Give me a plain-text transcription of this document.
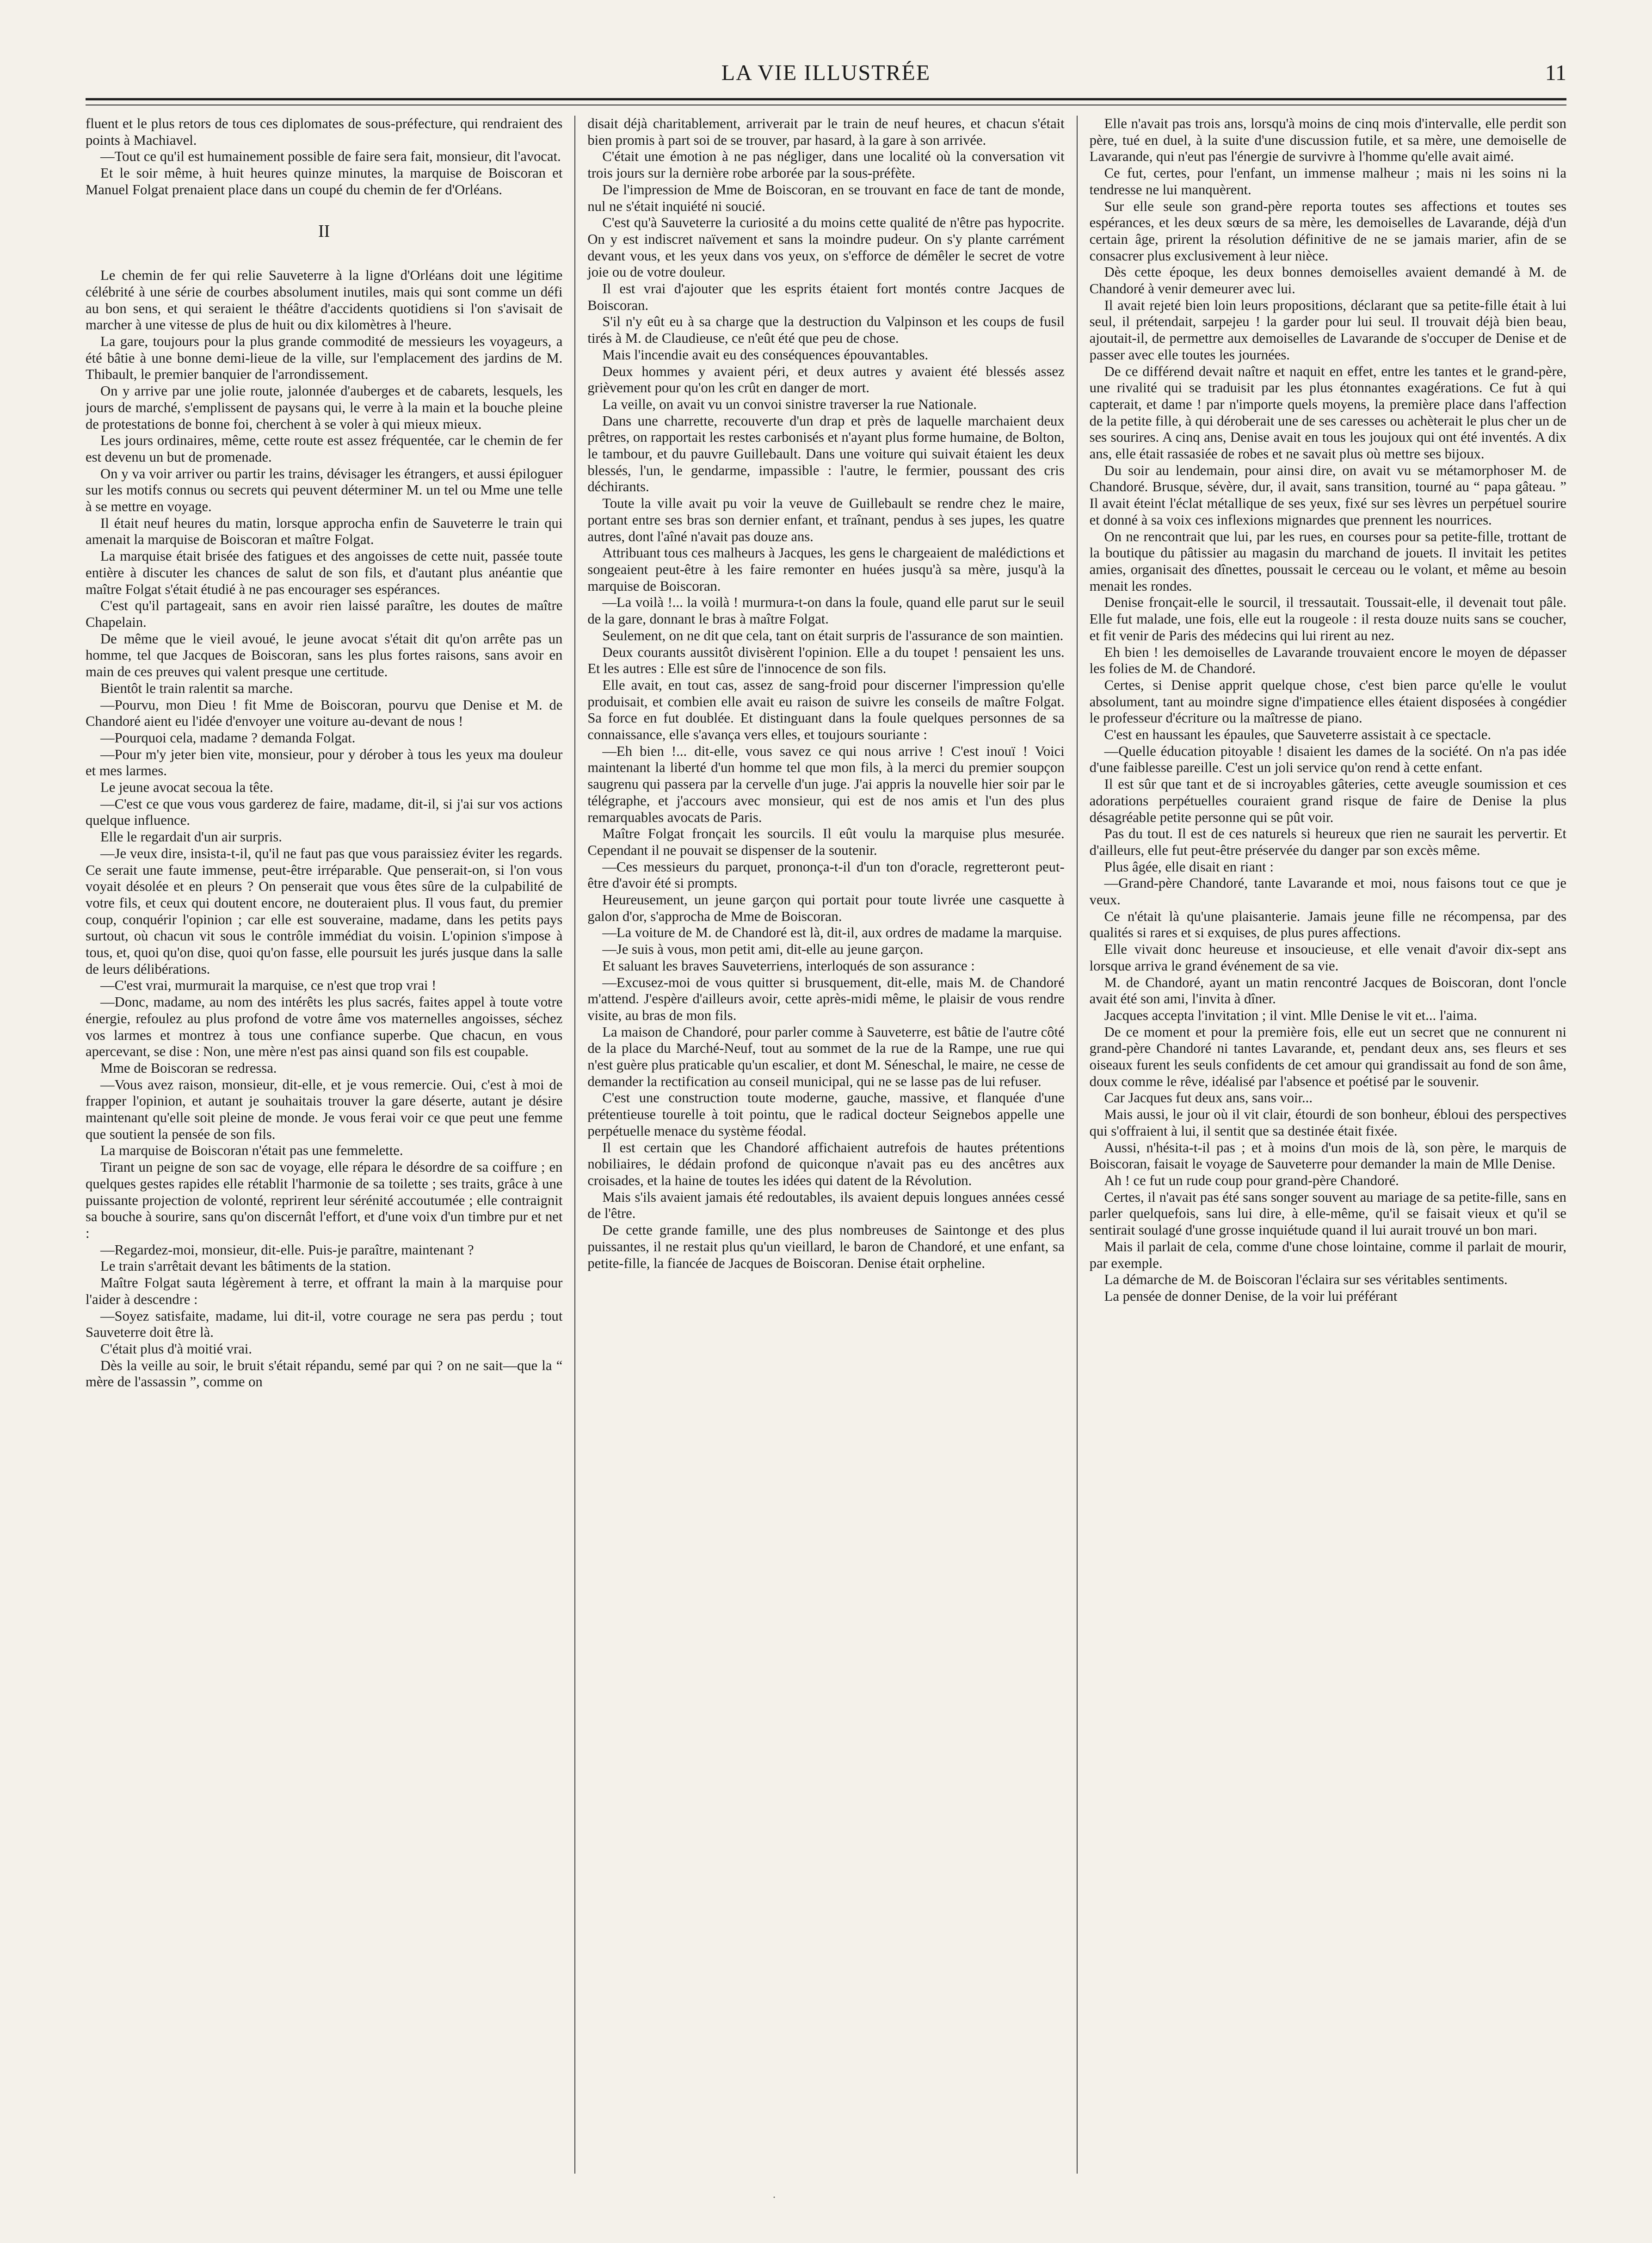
LA VIE ILLUSTRÉE	11

fluent et le plus retors de tous ces diplomates de sous-préfecture, qui rendraient des points à Machiavel.

—Tout ce qu'il est humainement possible de faire sera fait, monsieur, dit l'avocat.

Et le soir même, à huit heures quinze minutes, la marquise de Boiscoran et Manuel Folgat prenaient place dans un coupé du chemin de fer d'Orléans.

II

Le chemin de fer qui relie Sauveterre à la ligne d'Orléans doit une légitime célébrité à une série de courbes absolument inutiles, mais qui sont comme un défi au bon sens, et qui seraient le théâtre d'accidents quotidiens si l'on s'avisait de marcher à une vitesse de plus de huit ou dix kilomètres à l'heure.

La gare, toujours pour la plus grande commodité de messieurs les voyageurs, a été bâtie à une bonne demi-lieue de la ville, sur l'emplacement des jardins de M. Thibault, le premier banquier de l'arrondissement.

On y arrive par une jolie route, jalonnée d'auberges et de cabarets, lesquels, les jours de marché, s'emplissent de paysans qui, le verre à la main et la bouche pleine de protestations de bonne foi, cherchent à se voler à qui mieux mieux.

Les jours ordinaires, même, cette route est assez fréquentée, car le chemin de fer est devenu un but de promenade.

On y va voir arriver ou partir les trains, dévisager les étrangers, et aussi épiloguer sur les motifs connus ou secrets qui peuvent déterminer M. un tel ou Mme une telle à se mettre en voyage.

Il était neuf heures du matin, lorsque approcha enfin de Sauveterre le train qui amenait la marquise de Boiscoran et maître Folgat.

La marquise était brisée des fatigues et des angoisses de cette nuit, passée toute entière à discuter les chances de salut de son fils, et d'autant plus anéantie que maître Folgat s'était étudié à ne pas encourager ses espérances.

C'est qu'il partageait, sans en avoir rien laissé paraître, les doutes de maître Chapelain.

De même que le vieil avoué, le jeune avocat s'était dit qu'on arrête pas un homme, tel que Jacques de Boiscoran, sans les plus fortes raisons, sans avoir en main de ces preuves qui valent presque une certitude.

Bientôt le train ralentit sa marche.

—Pourvu, mon Dieu ! fit Mme de Boiscoran, pourvu que Denise et M. de Chandoré aient eu l'idée d'envoyer une voiture au-devant de nous !

—Pourquoi cela, madame ? demanda Folgat.

—Pour m'y jeter bien vite, monsieur, pour y dérober à tous les yeux ma douleur et mes larmes.

Le jeune avocat secoua la tête.

—C'est ce que vous vous garderez de faire, madame, dit-il, si j'ai sur vos actions quelque influence.

Elle le regardait d'un air surpris.

—Je veux dire, insista-t-il, qu'il ne faut pas que vous paraissiez éviter les regards. Ce serait une faute immense, peut-être irréparable. Que penserait-on, si l'on vous voyait désolée et en pleurs ? On penserait que vous êtes sûre de la culpabilité de votre fils, et ceux qui doutent encore, ne douteraient plus. Il vous faut, du premier coup, conquérir l'opinion ; car elle est souveraine, madame, dans les petits pays surtout, où chacun vit sous le contrôle immédiat du voisin. L'opinion s'impose à tous, et, quoi qu'on dise, quoi qu'on fasse, elle poursuit les jurés jusque dans la salle de leurs délibérations.

—C'est vrai, murmurait la marquise, ce n'est que trop vrai !

—Donc, madame, au nom des intérêts les plus sacrés, faites appel à toute votre énergie, refoulez au plus profond de votre âme vos maternelles angoisses, séchez vos larmes et montrez à tous une confiance superbe. Que chacun, en vous apercevant, se dise : Non, une mère n'est pas ainsi quand son fils est coupable.

Mme de Boiscoran se redressa.

—Vous avez raison, monsieur, dit-elle, et je vous remercie. Oui, c'est à moi de frapper l'opinion, et autant je souhaitais trouver la gare déserte, autant je désire maintenant qu'elle soit pleine de monde. Je vous ferai voir ce que peut une femme que soutient la pensée de son fils.

La marquise de Boiscoran n'était pas une femmelette.

Tirant un peigne de son sac de voyage, elle répara le désordre de sa coiffure ; en quelques gestes rapides elle rétablit l'harmonie de sa toilette ; ses traits, grâce à une puissante projection de volonté, reprirent leur sérénité accoutumée ; elle contraignit sa bouche à sourire, sans qu'on discernât l'effort, et d'une voix d'un timbre pur et net :

—Regardez-moi, monsieur, dit-elle. Puis-je paraître, maintenant ?

Le train s'arrêtait devant les bâtiments de la station.

Maître Folgat sauta légèrement à terre, et offrant la main à la marquise pour l'aider à descendre :

—Soyez satisfaite, madame, lui dit-il, votre courage ne sera pas perdu ; tout Sauveterre doit être là.

C'était plus d'à moitié vrai.

Dès la veille au soir, le bruit s'était répandu, semé par qui ? on ne sait—que la “ mère de l'assassin ”, comme on

disait déjà charitablement, arriverait par le train de neuf heures, et chacun s'était bien promis à part soi de se trouver, par hasard, à la gare à son arrivée.

C'était une émotion à ne pas négliger, dans une localité où la conversation vit trois jours sur la dernière robe arborée par la sous-préfète.

De l'impression de Mme de Boiscoran, en se trouvant en face de tant de monde, nul ne s'était inquiété ni soucié.

C'est qu'à Sauveterre la curiosité a du moins cette qualité de n'être pas hypocrite. On y est indiscret naïvement et sans la moindre pudeur. On s'y plante carrément devant vous, et les yeux dans vos yeux, on s'efforce de démêler le secret de votre joie ou de votre douleur.

Il est vrai d'ajouter que les esprits étaient fort montés contre Jacques de Boiscoran.

S'il n'y eût eu à sa charge que la destruction du Valpinson et les coups de fusil tirés à M. de Claudieuse, ce n'eût été que peu de chose.

Mais l'incendie avait eu des conséquences épouvantables.

Deux hommes y avaient péri, et deux autres y avaient été blessés assez grièvement pour qu'on les crût en danger de mort.

La veille, on avait vu un convoi sinistre traverser la rue Nationale.

Dans une charrette, recouverte d'un drap et près de laquelle marchaient deux prêtres, on rapportait les restes carbonisés et n'ayant plus forme humaine, de Bolton, le tambour, et du pauvre Guillebault. Dans une voiture qui suivait étaient les deux blessés, l'un, le gendarme, impassible : l'autre, le fermier, poussant des cris déchirants.

Toute la ville avait pu voir la veuve de Guillebault se rendre chez le maire, portant entre ses bras son dernier enfant, et traînant, pendus à ses jupes, les quatre autres, dont l'aîné n'avait pas douze ans.

Attribuant tous ces malheurs à Jacques, les gens le chargeaient de malédictions et songeaient peut-être à les faire remonter en huées jusqu'à sa mère, jusqu'à la marquise de Boiscoran.

—La voilà !... la voilà ! murmura-t-on dans la foule, quand elle parut sur le seuil de la gare, donnant le bras à maître Folgat.

Seulement, on ne dit que cela, tant on était surpris de l'assurance de son maintien.

Deux courants aussitôt divisèrent l'opinion. Elle a du toupet ! pensaient les uns. Et les autres : Elle est sûre de l'innocence de son fils.

Elle avait, en tout cas, assez de sang-froid pour discerner l'impression qu'elle produisait, et combien elle avait eu raison de suivre les conseils de maître Folgat. Sa force en fut doublée. Et distinguant dans la foule quelques personnes de sa connaissance, elle s'avança vers elles, et toujours souriante :

—Eh bien !... dit-elle, vous savez ce qui nous arrive ! C'est inouï ! Voici maintenant la liberté d'un homme tel que mon fils, à la merci du premier soupçon saugrenu qui passera par la cervelle d'un juge. J'ai appris la nouvelle hier soir par le télégraphe, et j'accours avec monsieur, qui est de nos amis et l'un des plus remarquables avocats de Paris.

Maître Folgat fronçait les sourcils. Il eût voulu la marquise plus mesurée. Cependant il ne pouvait se dispenser de la soutenir.

—Ces messieurs du parquet, prononça-t-il d'un ton d'oracle, regretteront peut-être d'avoir été si prompts.

Heureusement, un jeune garçon qui portait pour toute livrée une casquette à galon d'or, s'approcha de Mme de Boiscoran.

—La voiture de M. de Chandoré est là, dit-il, aux ordres de madame la marquise.

—Je suis à vous, mon petit ami, dit-elle au jeune garçon.

Et saluant les braves Sauveterriens, interloqués de son assurance :

—Excusez-moi de vous quitter si brusquement, dit-elle, mais M. de Chandoré m'attend. J'espère d'ailleurs avoir, cette après-midi même, le plaisir de vous rendre visite, au bras de mon fils.

La maison de Chandoré, pour parler comme à Sauveterre, est bâtie de l'autre côté de la place du Marché-Neuf, tout au sommet de la rue de la Rampe, une rue qui n'est guère plus praticable qu'un escalier, et dont M. Séneschal, le maire, ne cesse de demander la rectification au conseil municipal, qui ne se lasse pas de lui refuser.

C'est une construction toute moderne, gauche, massive, et flanquée d'une prétentieuse tourelle à toit pointu, que le radical docteur Seignebos appelle une perpétuelle menace du système féodal.

Il est certain que les Chandoré affichaient autrefois de hautes prétentions nobiliaires, le dédain profond de quiconque n'avait pas eu des ancêtres aux croisades, et la haine de toutes les idées qui datent de la Révolution.

Mais s'ils avaient jamais été redoutables, ils avaient depuis longues années cessé de l'être.

De cette grande famille, une des plus nombreuses de Saintonge et des plus puissantes, il ne restait plus qu'un vieillard, le baron de Chandoré, et une enfant, sa petite-fille, la fiancée de Jacques de Boiscoran. Denise était orpheline.

Elle n'avait pas trois ans, lorsqu'à moins de cinq mois d'intervalle, elle perdit son père, tué en duel, à la suite d'une discussion futile, et sa mère, une demoiselle de Lavarande, qui n'eut pas l'énergie de survivre à l'homme qu'elle avait aimé.

Ce fut, certes, pour l'enfant, un immense malheur ; mais ni les soins ni la tendresse ne lui manquèrent.

Sur elle seule son grand-père reporta toutes ses affections et toutes ses espérances, et les deux sœurs de sa mère, les demoiselles de Lavarande, déjà d'un certain âge, prirent la résolution définitive de ne se jamais marier, afin de se consacrer plus exclusivement à leur nièce.

Dès cette époque, les deux bonnes demoiselles avaient demandé à M. de Chandoré à venir demeurer avec lui.

Il avait rejeté bien loin leurs propositions, déclarant que sa petite-fille était à lui seul, il prétendait, sarpejeu ! la garder pour lui seul. Il trouvait déjà bien beau, ajoutait-il, de permettre aux demoiselles de Lavarande de s'occuper de Denise et de passer avec elle toutes les journées.

De ce différend devait naître et naquit en effet, entre les tantes et le grand-père, une rivalité qui se traduisit par les plus étonnantes exagérations. Ce fut à qui capterait, et dame ! par n'importe quels moyens, la première place dans l'affection de la petite fille, à qui déroberait une de ses caresses ou achèterait le plus cher un de ses sourires. A cinq ans, Denise avait en tous les joujoux qui ont été inventés. A dix ans, elle était rassasiée de robes et ne savait plus où mettre ses bijoux.

Du soir au lendemain, pour ainsi dire, on avait vu se métamorphoser M. de Chandoré. Brusque, sévère, dur, il avait, sans transition, tourné au “ papa gâteau. ” Il avait éteint l'éclat métallique de ses yeux, fixé sur ses lèvres un perpétuel sourire et donné à sa voix ces inflexions mignardes que prennent les nourrices.

On ne rencontrait que lui, par les rues, en courses pour sa petite-fille, trottant de la boutique du pâtissier au magasin du marchand de jouets. Il invitait les petites amies, organisait des dînettes, poussait le cerceau ou le volant, et même au besoin menait les rondes.

Denise fronçait-elle le sourcil, il tressautait. Toussait-elle, il devenait tout pâle. Elle fut malade, une fois, elle eut la rougeole : il resta douze nuits sans se coucher, et fit venir de Paris des médecins qui lui rirent au nez.

Eh bien ! les demoiselles de Lavarande trouvaient encore le moyen de dépasser les folies de M. de Chandoré.

Certes, si Denise apprit quelque chose, c'est bien parce qu'elle le voulut absolument, tant au moindre signe d'impatience elles étaient disposées à congédier le professeur d'écriture ou la maîtresse de piano.

C'est en haussant les épaules, que Sauveterre assistait à ce spectacle.

—Quelle éducation pitoyable ! disaient les dames de la société. On n'a pas idée d'une faiblesse pareille. C'est un joli service qu'on rend à cette enfant.

Il est sûr que tant et de si incroyables gâteries, cette aveugle soumission et ces adorations perpétuelles couraient grand risque de faire de Denise la plus désagréable petite personne qui se pût voir.

Pas du tout. Il est de ces naturels si heureux que rien ne saurait les pervertir. Et d'ailleurs, elle fut peut-être préservée du danger par son excès même.

Plus âgée, elle disait en riant :

—Grand-père Chandoré, tante Lavarande et moi, nous faisons tout ce que je veux.

Ce n'était là qu'une plaisanterie. Jamais jeune fille ne récompensa, par des qualités si rares et si exquises, de plus pures affections.

Elle vivait donc heureuse et insoucieuse, et elle venait d'avoir dix-sept ans lorsque arriva le grand événement de sa vie.

M. de Chandoré, ayant un matin rencontré Jacques de Boiscoran, dont l'oncle avait été son ami, l'invita à dîner.

Jacques accepta l'invitation ; il vint. Mlle Denise le vit et... l'aima.

De ce moment et pour la première fois, elle eut un secret que ne connurent ni grand-père Chandoré ni tantes Lavarande, et, pendant deux ans, ses fleurs et ses oiseaux furent les seuls confidents de cet amour qui grandissait au fond de son âme, doux comme le rêve, idéalisé par l'absence et poétisé par le souvenir.

Car Jacques fut deux ans, sans voir...

Mais aussi, le jour où il vit clair, étourdi de son bonheur, ébloui des perspectives qui s'offraient à lui, il sentit que sa destinée était fixée.

Aussi, n'hésita-t-il pas ; et à moins d'un mois de là, son père, le marquis de Boiscoran, faisait le voyage de Sauveterre pour demander la main de Mlle Denise.

Ah ! ce fut un rude coup pour grand-père Chandoré.

Certes, il n'avait pas été sans songer souvent au mariage de sa petite-fille, sans en parler quelquefois, sans lui dire, à elle-même, qu'il se faisait vieux et qu'il se sentirait soulagé d'une grosse inquiétude quand il lui aurait trouvé un bon mari.

Mais il parlait de cela, comme d'une chose lointaine, comme il parlait de mourir, par exemple.

La démarche de M. de Boiscoran l'éclaira sur ses véritables sentiments.

La pensée de donner Denise, de la voir lui préférant

·
